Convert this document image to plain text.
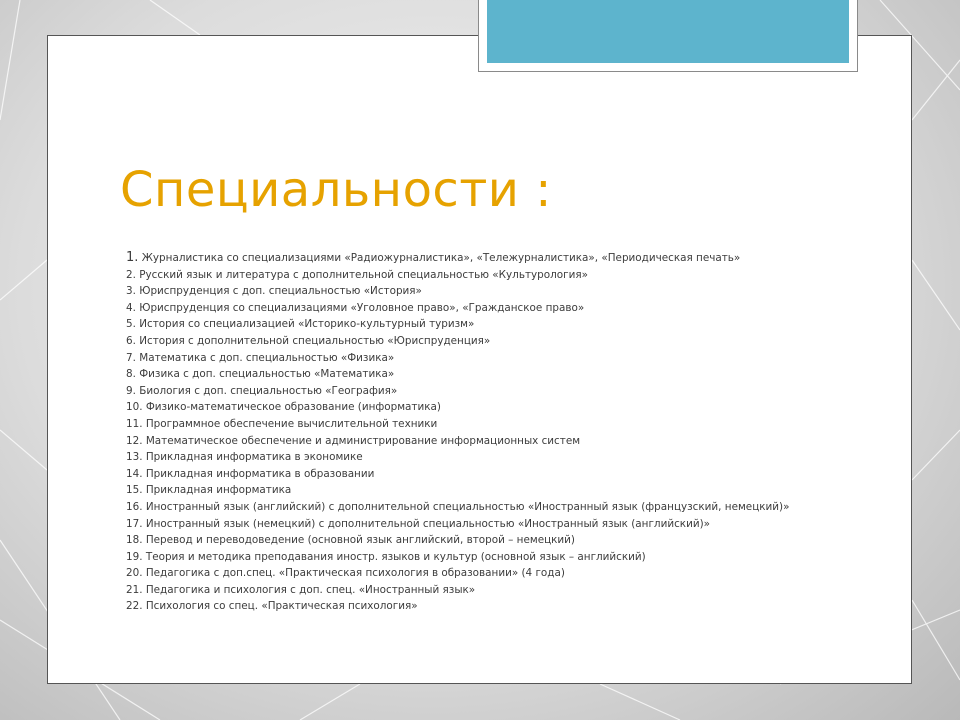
Специальности :
1. Журналистика со специализациями «Радиожурналистика», «Тележурналистика», «Периодическая печать»
2. Русский язык и литература с дополнительной специальностью «Культурология»
3. Юриспруденция с доп. специальностью «История»
4. Юриспруденция со специализациями «Уголовное право», «Гражданское право»
5. История со специализацией «Историко-культурный туризм»
6. История с дополнительной специальностью «Юриспруденция»
7. Математика с доп. специальностью «Физика»
8. Физика с доп. специальностью «Математика»
9. Биология с доп. специальностью «География»
10. Физико-математическое образование (информатика)
11. Программное обеспечение вычислительной техники
12. Математическое обеспечение и администрирование информационных систем
13. Прикладная информатика в экономике
14. Прикладная информатика в образовании
15. Прикладная информатика
16. Иностранный язык (английский) с дополнительной специальностью «Иностранный язык (французский, немецкий)»
17. Иностранный язык (немецкий) с дополнительной специальностью «Иностранный язык (английский)»
18. Перевод и переводоведение (основной язык английский, второй – немецкий)
19. Теория и методика преподавания иностр. языков и культур (основной язык – английский)
20. Педагогика с доп.спец. «Практическая психология в образовании» (4 года)
21. Педагогика и психология с доп. спец. «Иностранный язык»
22. Психология со спец. «Практическая психология»
